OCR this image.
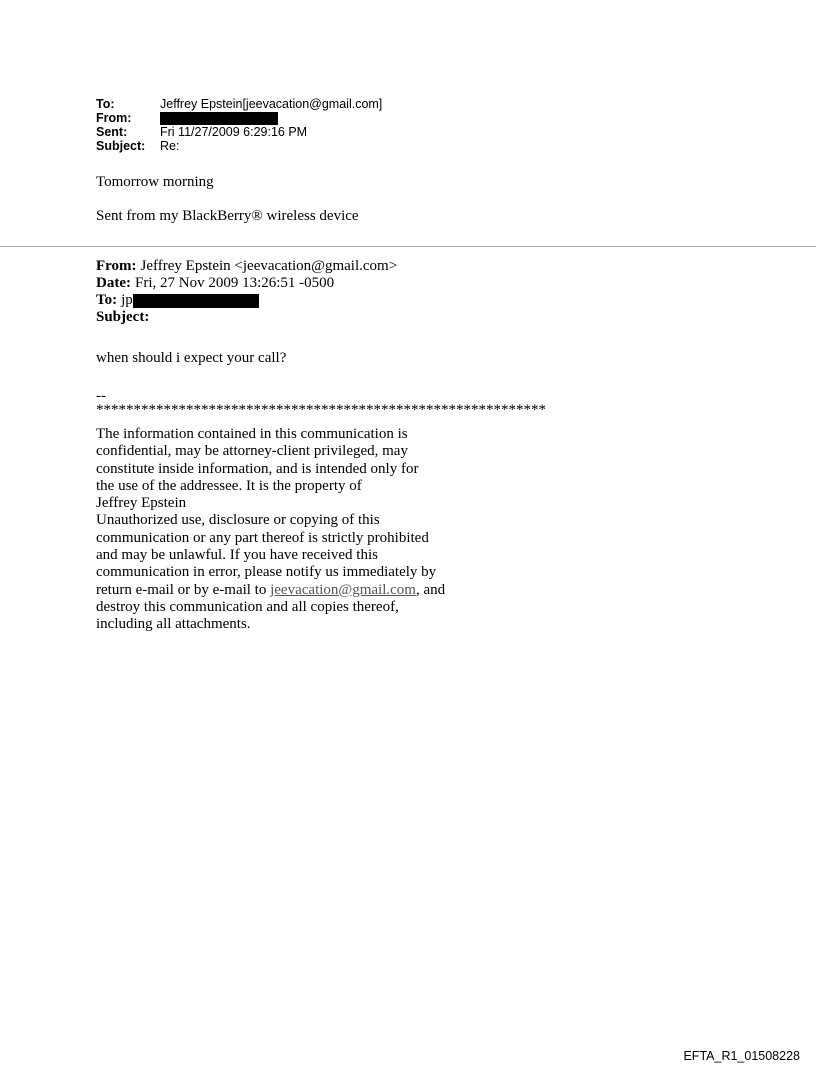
To:	Jeffrey Epstein[jeevacation@gmail.com]
From:
Sent:	Fri 11/27/2009 6:29:16 PM
Subject:	Re:
Tomorrow morning
Sent from my BlackBerry® wireless device
From: Jeffrey Epstein <jeevacation@gmail.com>
Date: Fri, 27 Nov 2009 13:26:51 -0500
To: jp
Subject:
when should i expect your call?
--
************************************************************
The information contained in this communication is
confidential, may be attorney-client privileged, may
constitute inside information, and is intended only for
the use of the addressee. It is the property of
Jeffrey Epstein
Unauthorized use, disclosure or copying of this
communication or any part thereof is strictly prohibited
and may be unlawful. If you have received this
communication in error, please notify us immediately by
return e-mail or by e-mail to jeevacation@gmail.com, and
destroy this communication and all copies thereof,
including all attachments.
EFTA_R1_01508228
